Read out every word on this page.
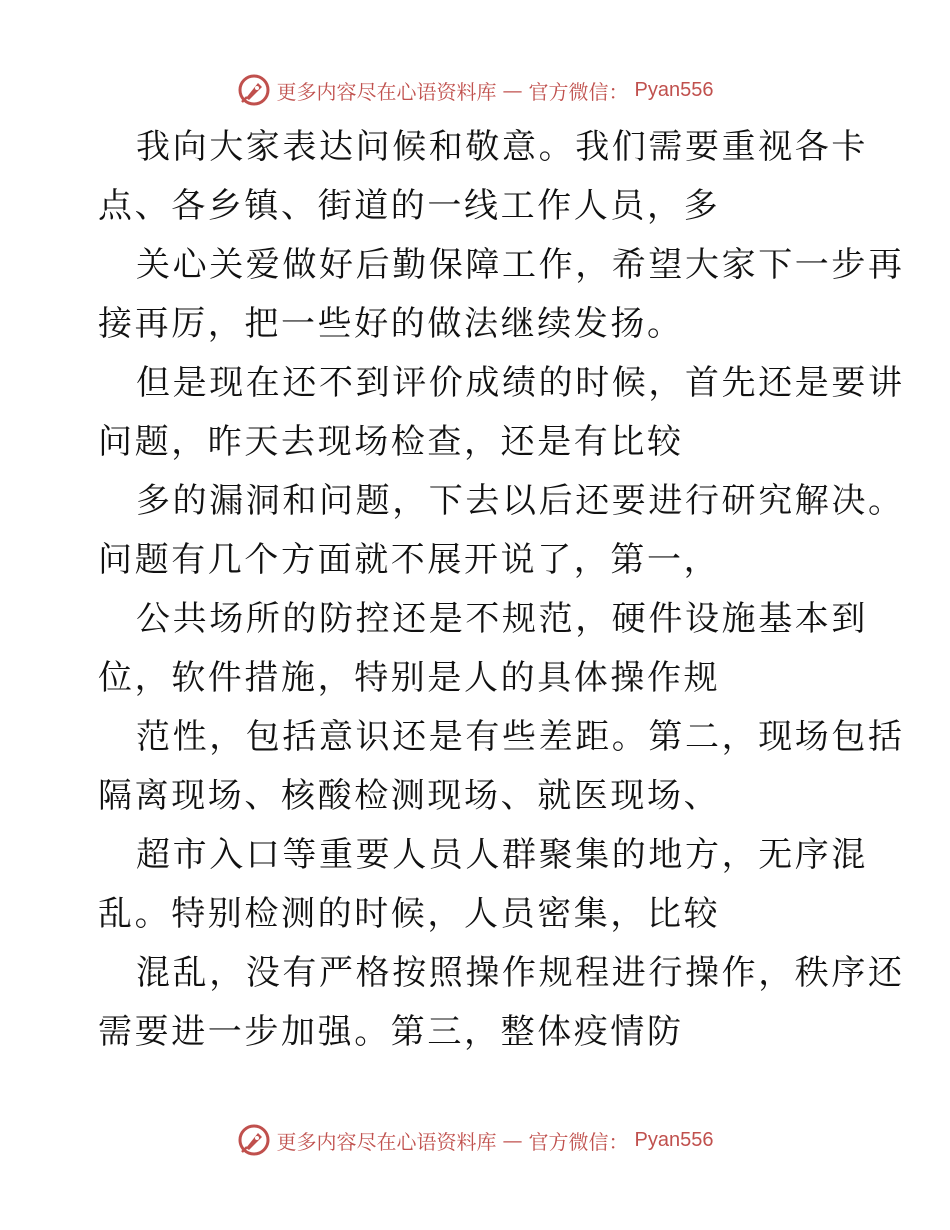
更多内容尽在心语资料库 — 官方微信： Pyan556
我向大家表达问候和敬意。我们需要重视各卡
点、各乡镇、街道的一线工作人员，多
关心关爱做好后勤保障工作，希望大家下一步再
接再厉，把一些好的做法继续发扬。
但是现在还不到评价成绩的时候，首先还是要讲
问题，昨天去现场检查，还是有比较
多的漏洞和问题，下去以后还要进行研究解决。
问题有几个方面就不展开说了，第一，
公共场所的防控还是不规范，硬件设施基本到
位，软件措施，特别是人的具体操作规
范性，包括意识还是有些差距。第二，现场包括
隔离现场、核酸检测现场、就医现场、
超市入口等重要人员人群聚集的地方，无序混
乱。特别检测的时候，人员密集，比较
混乱，没有严格按照操作规程进行操作，秩序还
需要进一步加强。第三，整体疫情防
更多内容尽在心语资料库 — 官方微信： Pyan556
